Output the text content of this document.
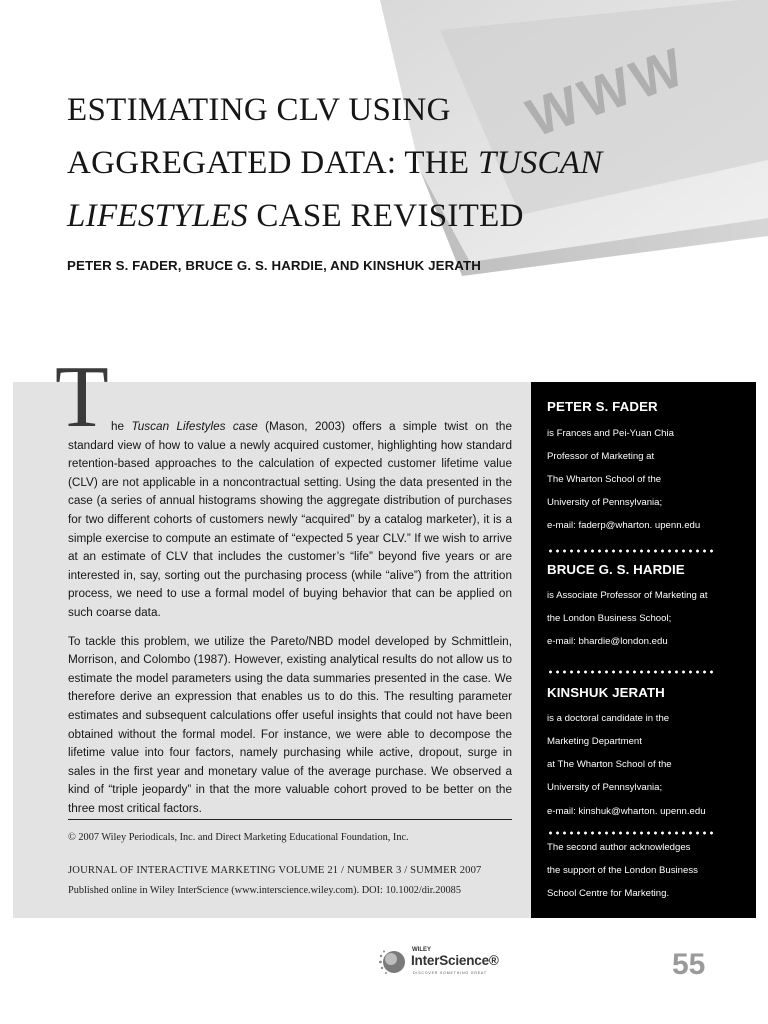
WWW
ESTIMATING CLV USING
AGGREGATED DATA: THE TUSCAN
LIFESTYLES CASE REVISITED
PETER S. FADER, BRUCE G. S. HARDIE, AND KINSHUK JERATH
T he Tuscan Lifestyles case (Mason, 2003) offers a simple twist on the standard view of how to value a newly acquired customer, highlighting how standard retention-based approaches to the calculation of expected customer lifetime value (CLV) are not applicable in a noncontractual setting. Using the data presented in the case (a series of annual histograms showing the aggregate distribution of purchases for two different cohorts of customers newly “acquired” by a catalog marketer), it is a simple exercise to compute an estimate of “expected 5 year CLV.” If we wish to arrive at an estimate of CLV that includes the customer’s “life” beyond five years or are interested in, say, sorting out the purchasing process (while “alive”) from the attrition process, we need to use a formal model of buying behavior that can be applied on such coarse data.

To tackle this problem, we utilize the Pareto/NBD model developed by Schmittlein, Morrison, and Colombo (1987). However, existing analytical results do not allow us to estimate the model parameters using the data summaries presented in the case. We therefore derive an expression that enables us to do this. The resulting parameter estimates and subsequent calculations offer useful insights that could not have been obtained without the formal model. For instance, we were able to decompose the lifetime value into four factors, namely purchasing while active, dropout, surge in sales in the first year and monetary value of the average purchase. We observed a kind of “triple jeopardy” in that the more valuable cohort proved to be better on the three most critical factors.

© 2007 Wiley Periodicals, Inc. and Direct Marketing Educational Foundation, Inc.
JOURNAL OF INTERACTIVE MARKETING VOLUME 21 / NUMBER 3 / SUMMER 2007
Published online in Wiley InterScience (www.interscience.wiley.com). DOI: 10.1002/dir.20085
PETER S. FADER
is Frances and Pei-Yuan Chia
Professor of Marketing at
The Wharton School of the
University of Pennsylvania;
e-mail: faderp@wharton. upenn.edu
BRUCE G. S. HARDIE
is Associate Professor of Marketing at
the London Business School;
e-mail: bhardie@london.edu
KINSHUK JERATH
is a doctoral candidate in the
Marketing Department
at The Wharton School of the
University of Pennsylvania;
e-mail: kinshuk@wharton. upenn.edu
The second author acknowledges
the support of the London Business
School Centre for Marketing.
WILEY
InterScience®
DISCOVER SOMETHING GREAT	55
